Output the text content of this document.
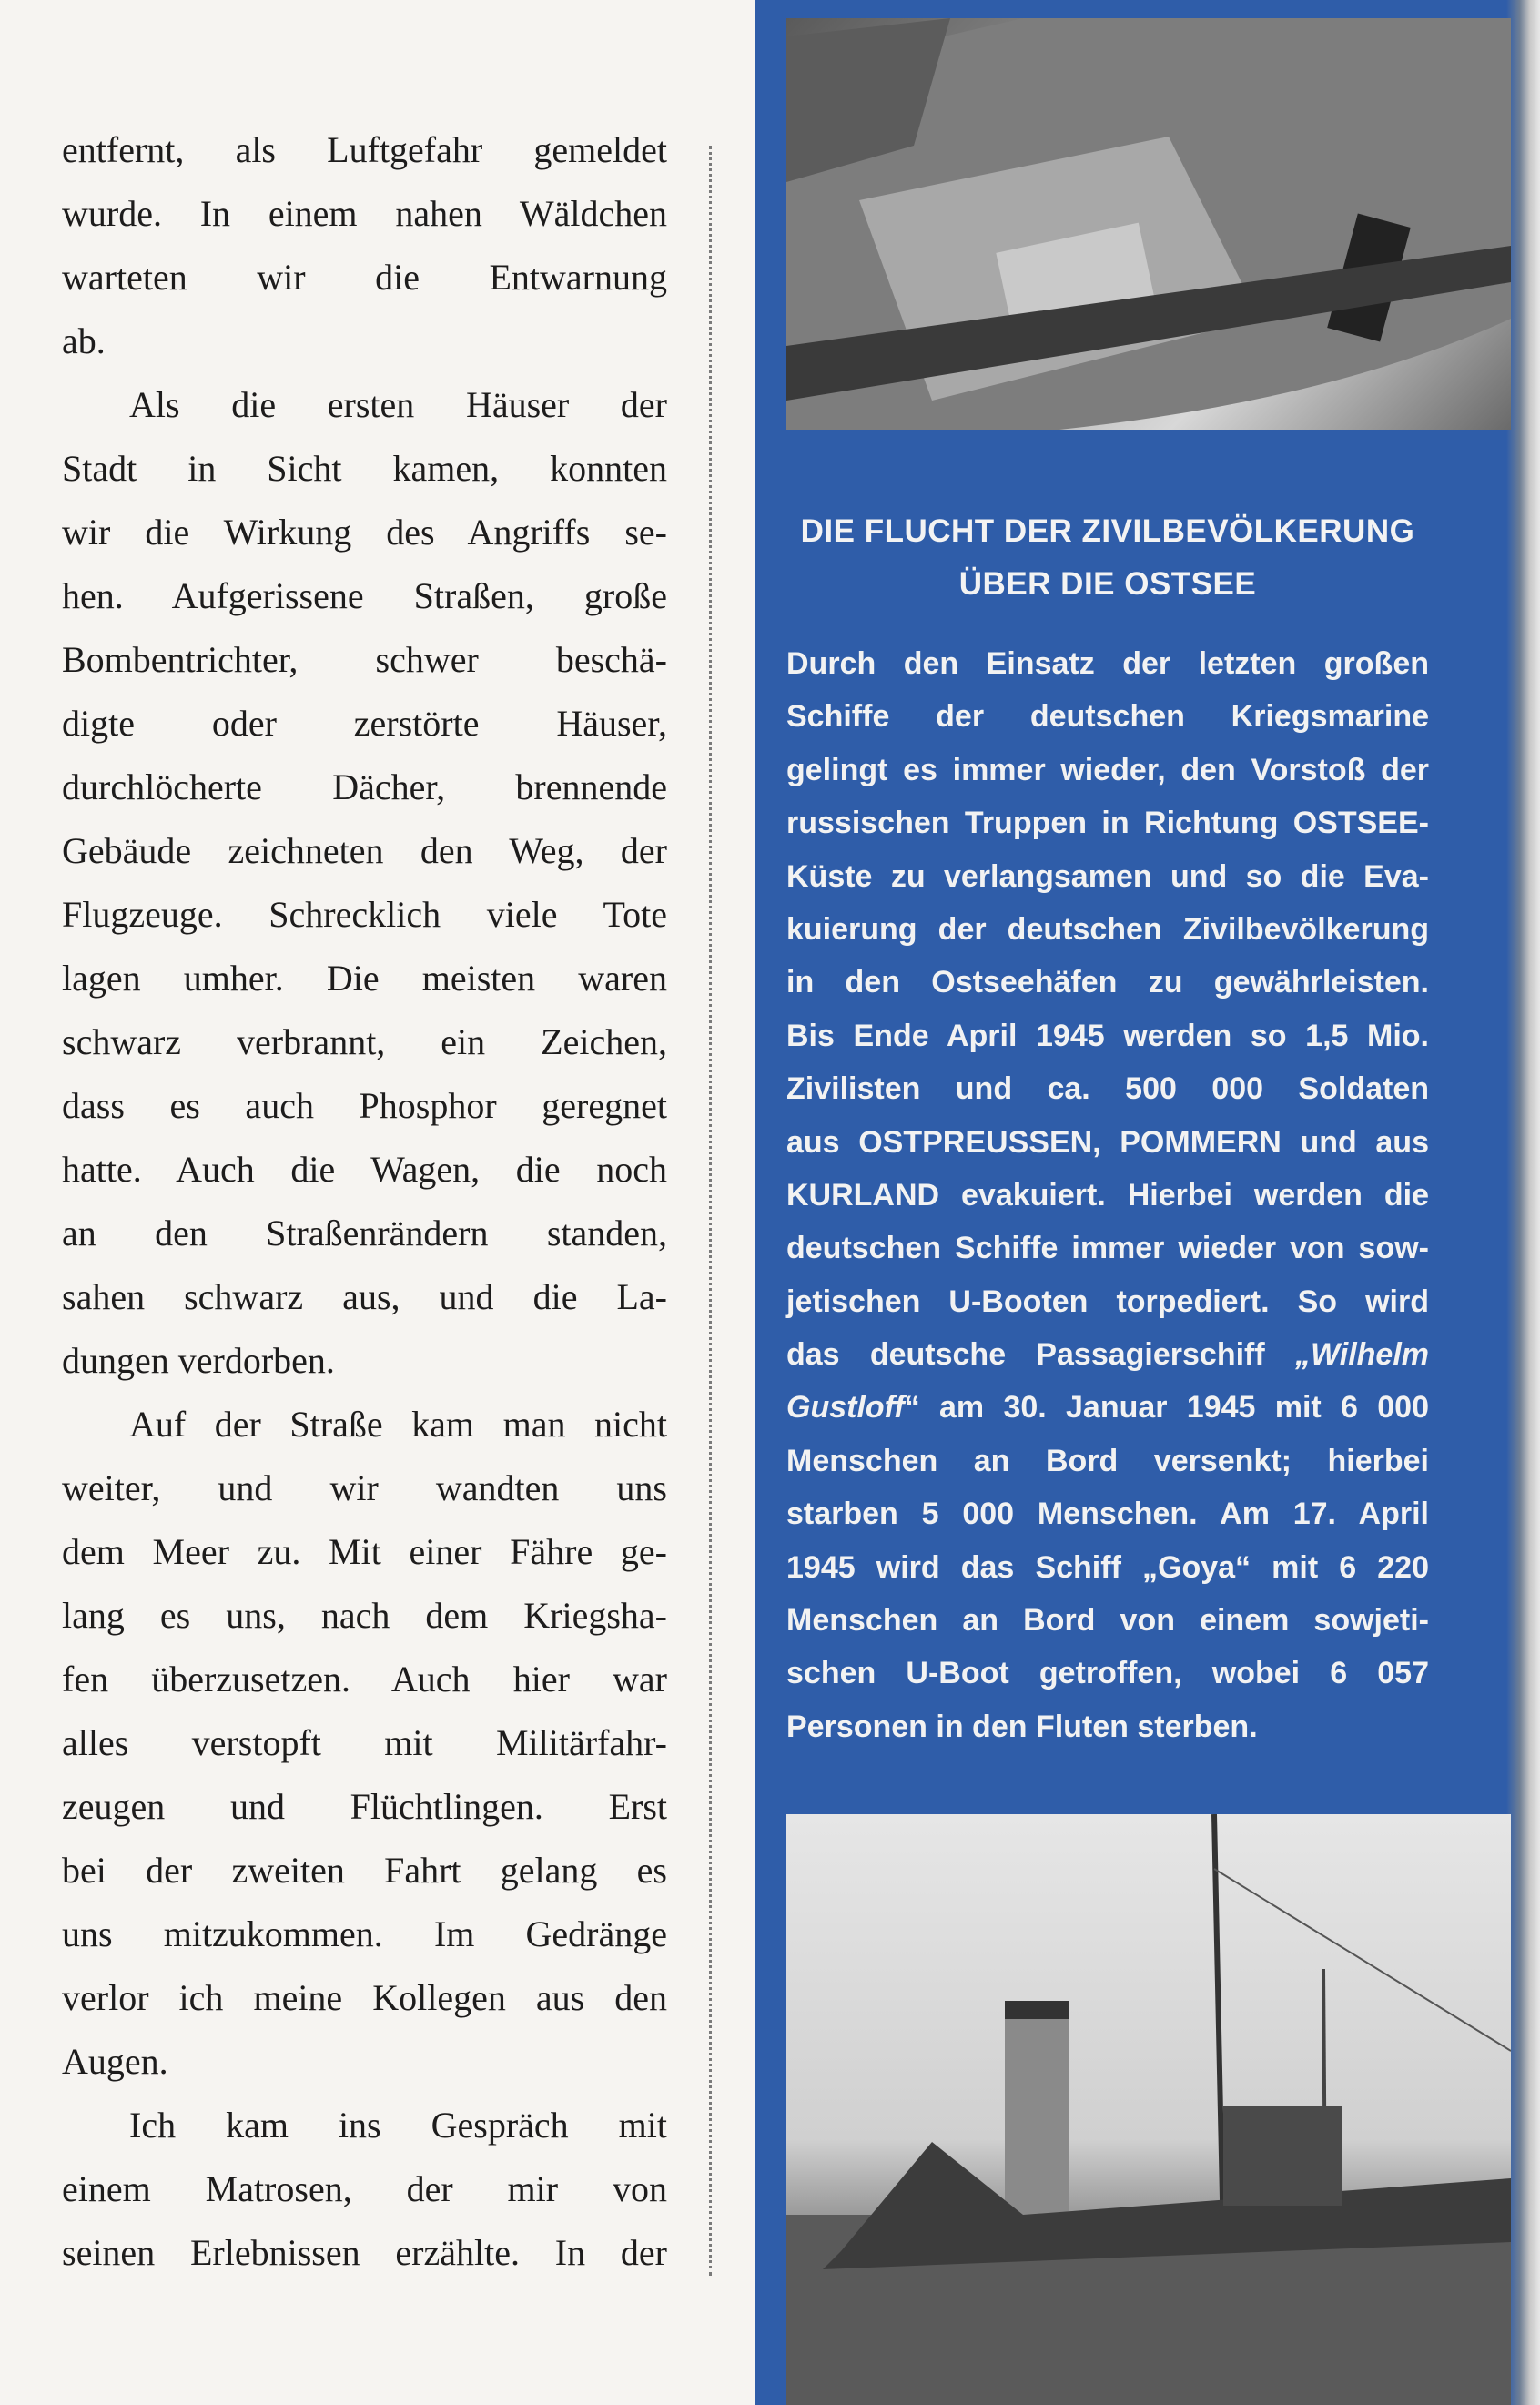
entfernt, als Luftgefahr gemeldet
wurde. In einem nahen Wäldchen
warteten wir die Entwarnung
ab.
Als die ersten Häuser der
Stadt in Sicht kamen, konnten
wir die Wirkung des Angriffs se-
hen. Aufgerissene Straßen, große
Bombentrichter, schwer beschä-
digte oder zerstörte Häuser,
durchlöcherte Dächer, brennende
Gebäude zeichneten den Weg, der
Flugzeuge. Schrecklich viele Tote
lagen umher. Die meisten waren
schwarz verbrannt, ein Zeichen,
dass es auch Phosphor geregnet
hatte. Auch die Wagen, die noch
an den Straßenrändern standen,
sahen schwarz aus, und die La-
dungen verdorben.
Auf der Straße kam man nicht
weiter, und wir wandten uns
dem Meer zu. Mit einer Fähre ge-
lang es uns, nach dem Kriegsha-
fen überzusetzen. Auch hier war
alles verstopft mit Militärfahr-
zeugen und Flüchtlingen. Erst
bei der zweiten Fahrt gelang es
uns mitzukommen. Im Gedränge
verlor ich meine Kollegen aus den
Augen.
Ich kam ins Gespräch mit
einem Matrosen, der mir von
seinen Erlebnissen erzählte. In der
DIE FLUCHT DER ZIVILBEVÖLKERUNG
ÜBER DIE OSTSEE
Durch den Einsatz der letzten großen
Schiffe der deutschen Kriegsmarine
gelingt es immer wieder, den Vorstoß der
russischen Truppen in Richtung OSTSEE-
Küste zu verlangsamen und so die Eva-
kuierung der deutschen Zivilbevölkerung
in den Ostseehäfen zu gewährleisten.
Bis Ende April 1945 werden so 1,5 Mio.
Zivilisten und ca. 500 000 Soldaten
aus OSTPREUSSEN, POMMERN und aus
KURLAND evakuiert. Hierbei werden die
deutschen Schiffe immer wieder von sow-
jetischen U-Booten torpediert. So wird
das deutsche Passagierschiff „Wilhelm
Gustloff“ am 30. Januar 1945 mit 6 000
Menschen an Bord versenkt; hierbei
starben 5 000 Menschen. Am 17. April
1945 wird das Schiff „Goya“ mit 6 220
Menschen an Bord von einem sowjeti-
schen U-Boot getroffen, wobei 6 057
Personen in den Fluten sterben.
